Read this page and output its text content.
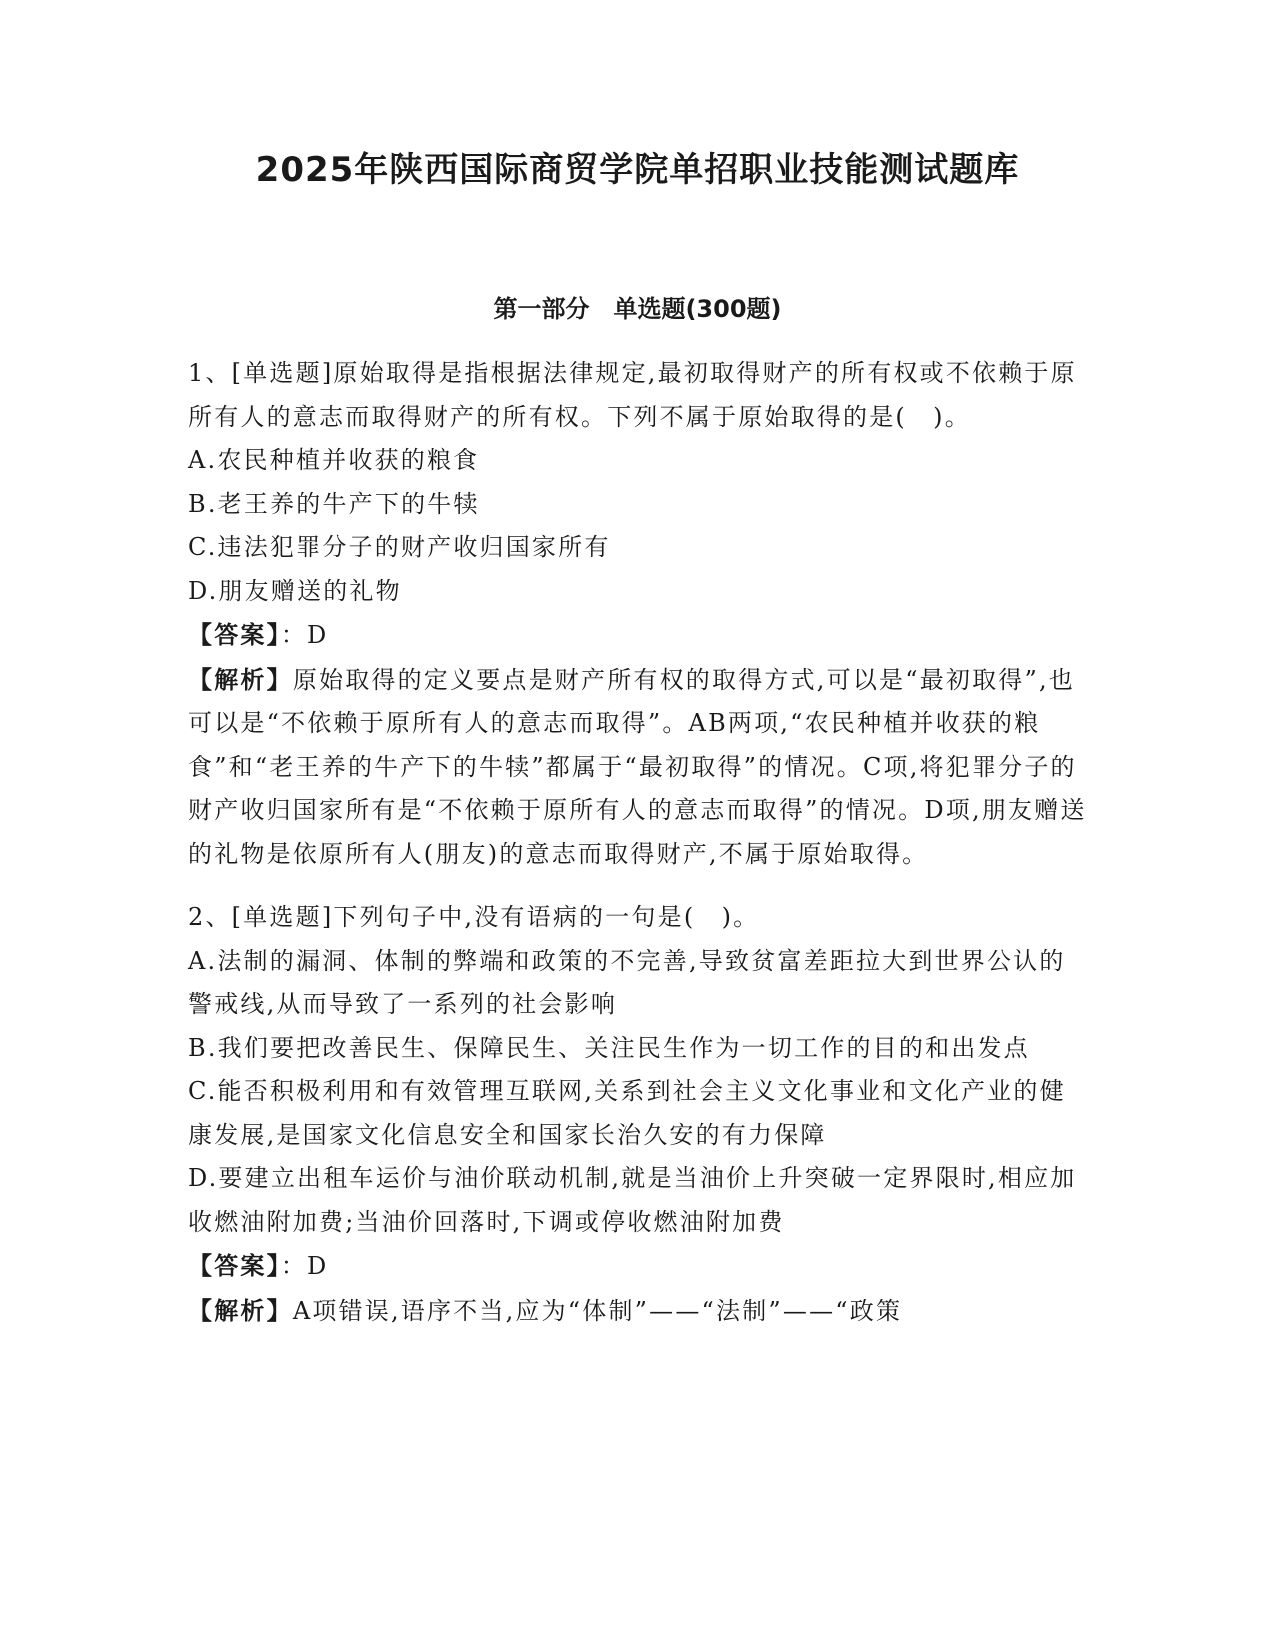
2025年陕西国际商贸学院单招职业技能测试题库
第一部分　单选题(300题)

1、[单选题]原始取得是指根据法律规定,最初取得财产的所有权或不依赖于原所有人的意志而取得财产的所有权。下列不属于原始取得的是(　)。

A.农民种植并收获的粮食

B.老王养的牛产下的牛犊

C.违法犯罪分子的财产收归国家所有

D.朋友赠送的礼物

【答案】：D

【解析】原始取得的定义要点是财产所有权的取得方式,可以是“最初取得”,也可以是“不依赖于原所有人的意志而取得”。AB两项,“农民种植并收获的粮食”和“老王养的牛产下的牛犊”都属于“最初取得”的情况。C项,将犯罪分子的财产收归国家所有是“不依赖于原所有人的意志而取得”的情况。D项,朋友赠送的礼物是依原所有人(朋友)的意志而取得财产,不属于原始取得。

2、[单选题]下列句子中,没有语病的一句是(　)。

A.法制的漏洞、体制的弊端和政策的不完善,导致贫富差距拉大到世界公认的警戒线,从而导致了一系列的社会影响

B.我们要把改善民生、保障民生、关注民生作为一切工作的目的和出发点

C.能否积极利用和有效管理互联网,关系到社会主义文化事业和文化产业的健康发展,是国家文化信息安全和国家长治久安的有力保障

D.要建立出租车运价与油价联动机制,就是当油价上升突破一定界限时,相应加收燃油附加费;当油价回落时,下调或停收燃油附加费

【答案】：D

【解析】A项错误,语序不当,应为“体制”——“法制”——“政策
